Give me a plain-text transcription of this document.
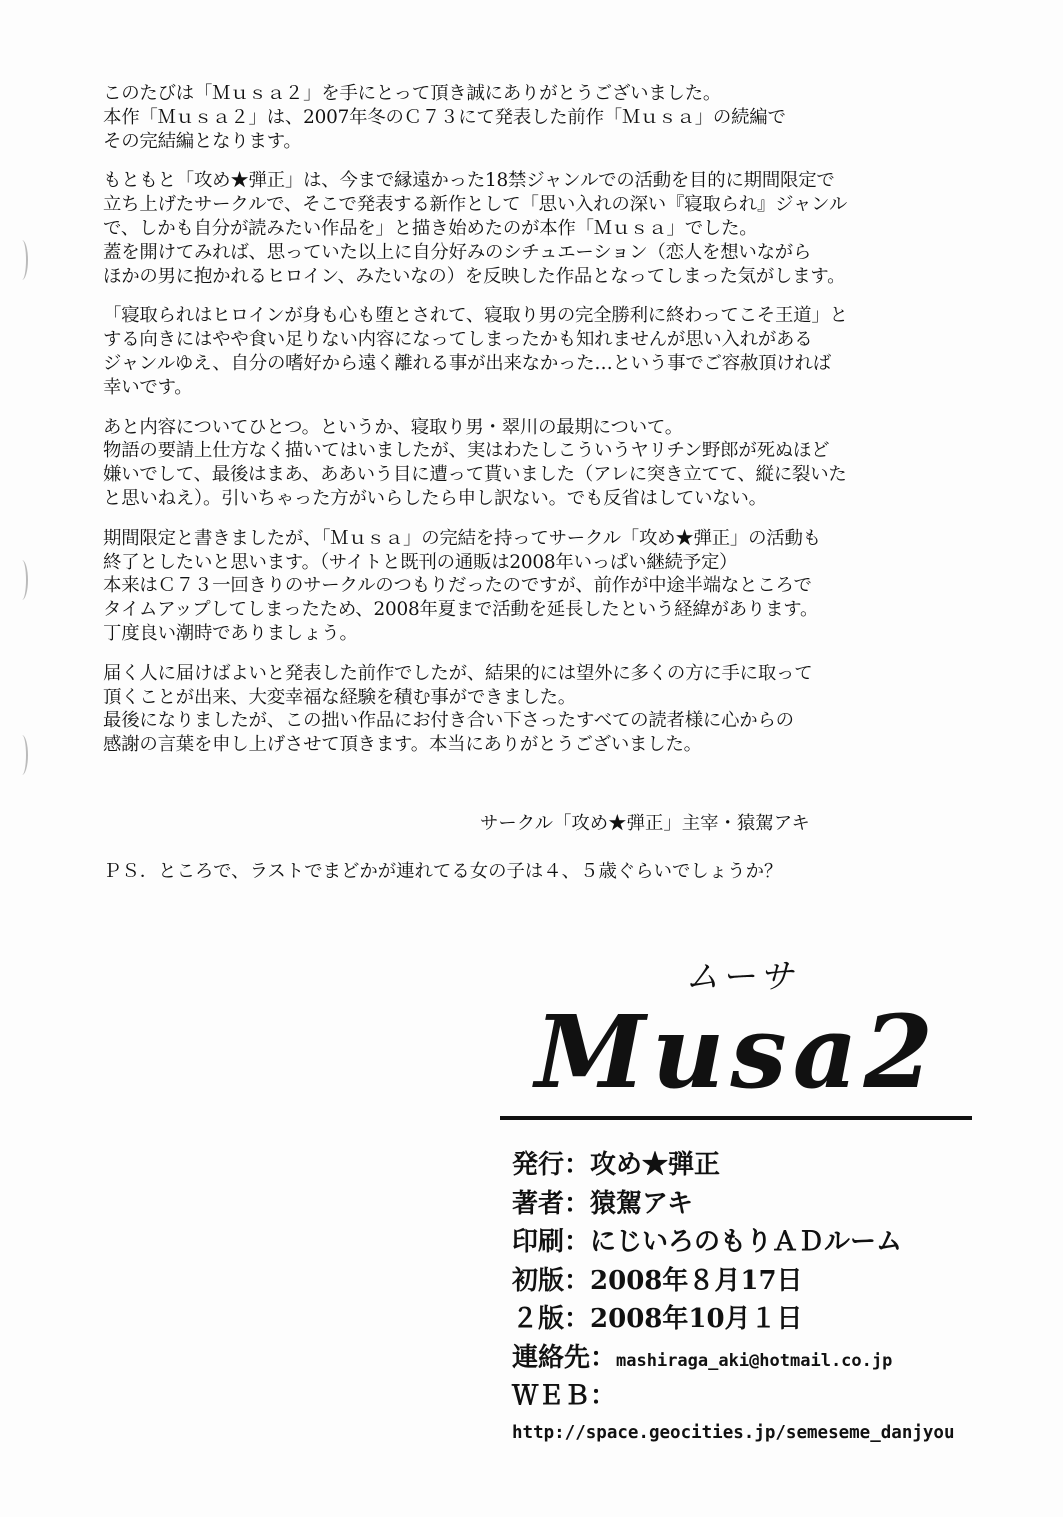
このたびは「Ｍｕｓａ２」を手にとって頂き誠にありがとうございました。
本作「Ｍｕｓａ２」は、2007年冬のＣ７３にて発表した前作「Ｍｕｓａ」の続編で
その完結編となります。
もともと「攻め★弾正」は、今まで縁遠かった18禁ジャンルでの活動を目的に期間限定で
立ち上げたサークルで、そこで発表する新作として「思い入れの深い『寝取られ』ジャンル
で、しかも自分が読みたい作品を」と描き始めたのが本作「Ｍｕｓａ」でした。
蓋を開けてみれば、思っていた以上に自分好みのシチュエーション（恋人を想いながら
ほかの男に抱かれるヒロイン、みたいなの）を反映した作品となってしまった気がします。
「寝取られはヒロインが身も心も堕とされて、寝取り男の完全勝利に終わってこそ王道」と
する向きにはやや食い足りない内容になってしまったかも知れませんが思い入れがある
ジャンルゆえ、自分の嗜好から遠く離れる事が出来なかった…という事でご容赦頂ければ
幸いです。
あと内容についてひとつ。というか、寝取り男・翠川の最期について。
物語の要請上仕方なく描いてはいましたが、実はわたしこういうヤリチン野郎が死ぬほど
嫌いでして、最後はまあ、ああいう目に遭って貰いました（アレに突き立てて、縦に裂いた
と思いねえ）。引いちゃった方がいらしたら申し訳ない。でも反省はしていない。
期間限定と書きましたが、「Ｍｕｓａ」の完結を持ってサークル「攻め★弾正」の活動も
終了としたいと思います。（サイトと既刊の通販は2008年いっぱい継続予定）
本来はＣ７３一回きりのサークルのつもりだったのですが、前作が中途半端なところで
タイムアップしてしまったため、2008年夏まで活動を延長したという経緯があります。
丁度良い潮時でありましょう。
届く人に届けばよいと発表した前作でしたが、結果的には望外に多くの方に手に取って
頂くことが出来、大変幸福な経験を積む事ができました。
最後になりましたが、この拙い作品にお付き合い下さったすべての読者様に心からの
感謝の言葉を申し上げさせて頂きます。本当にありがとうございました。
サークル「攻め★弾正」主宰・猿駕アキ
ＰＳ．ところで、ラストでまどかが連れてる女の子は４、５歳ぐらいでしょうか？
ムーサ
Musa2
発行：攻め★弾正
著者：猿駕アキ
印刷：にじいろのもりＡＤルーム
初版：2008年８月17日
２版：2008年10月１日
連絡先：mashiraga_aki@hotmail.co.jp
ＷＥＢ：
http://space.geocities.jp/semeseme_danjyou
